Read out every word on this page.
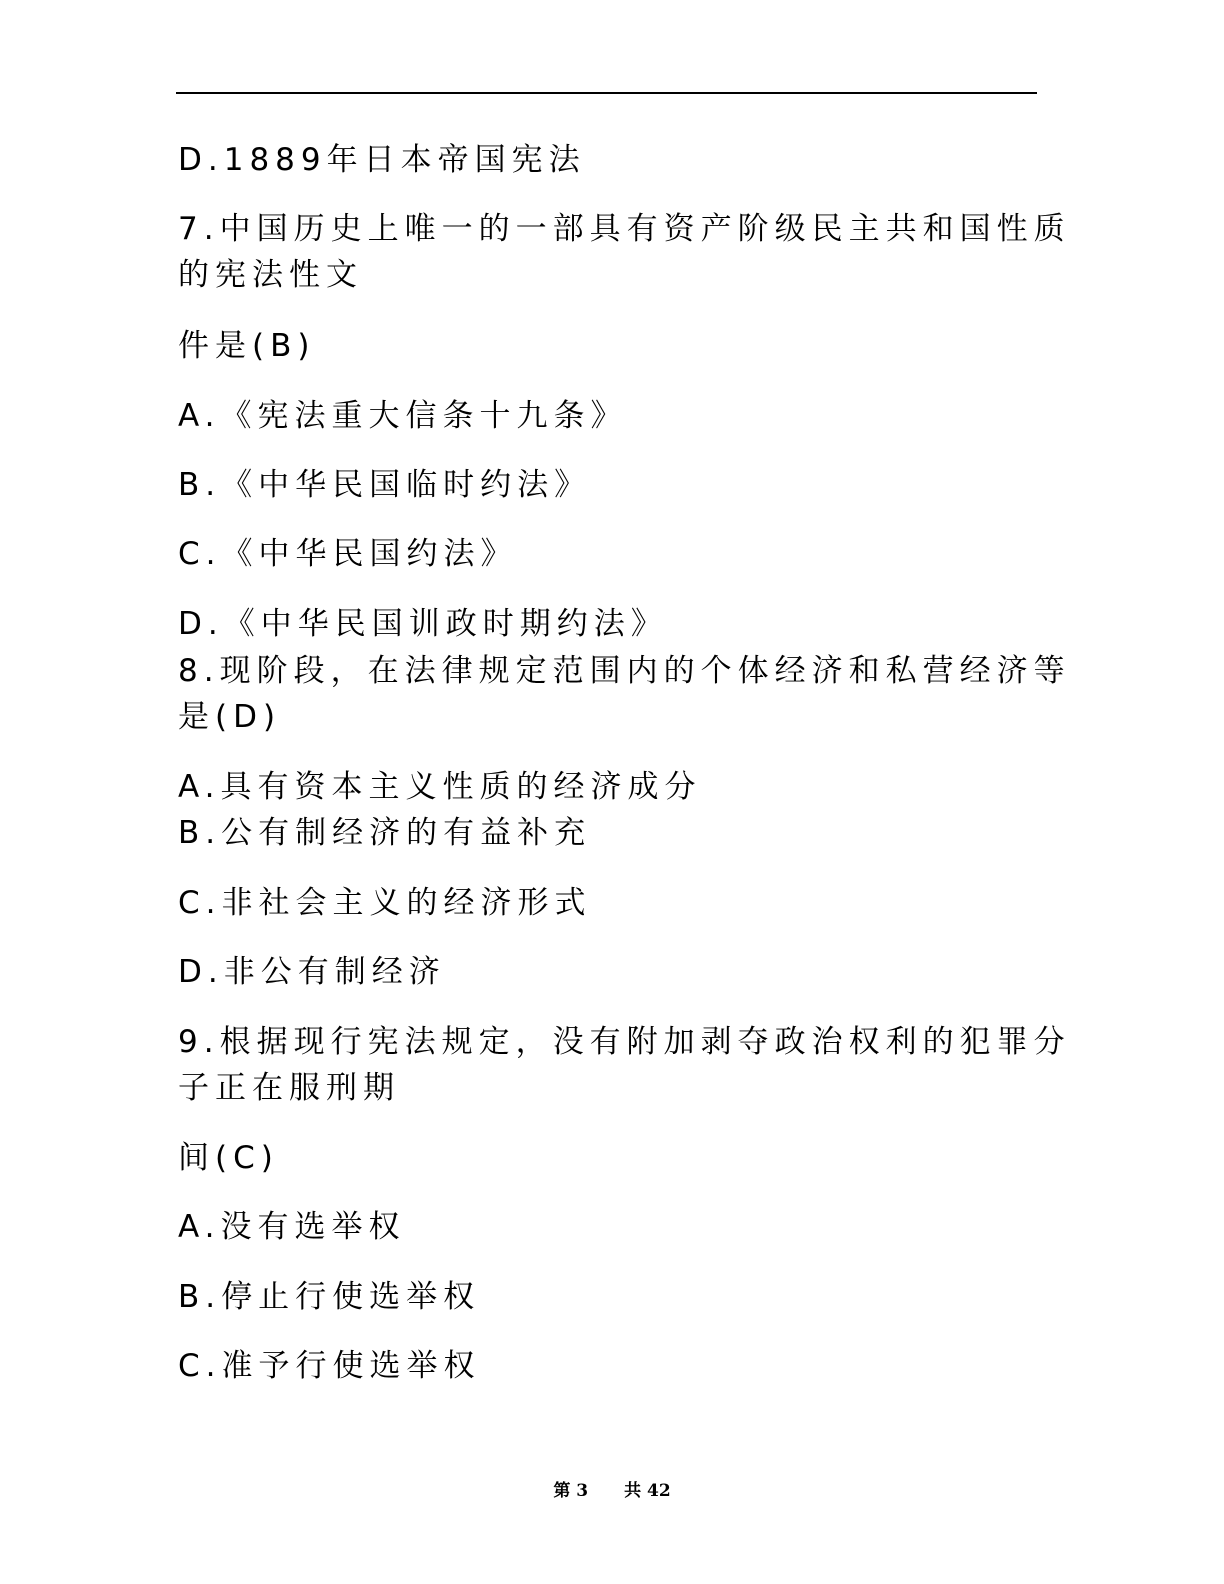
D.1889年日本帝国宪法
7.中国历史上唯一的一部具有资产阶级民主共和国性质
的宪法性文
件是(B)
A.《宪法重大信条十九条》
B.《中华民国临时约法》
C.《中华民国约法》
D.《中华民国训政时期约法》
8.现阶段，在法律规定范围内的个体经济和私营经济等
是(D)
A.具有资本主义性质的经济成分
B.公有制经济的有益补充
C.非社会主义的经济形式
D.非公有制经济
9.根据现行宪法规定，没有附加剥夺政治权利的犯罪分
子正在服刑期
间(C)
A.没有选举权
B.停止行使选举权
C.准予行使选举权
第 3 共 42
